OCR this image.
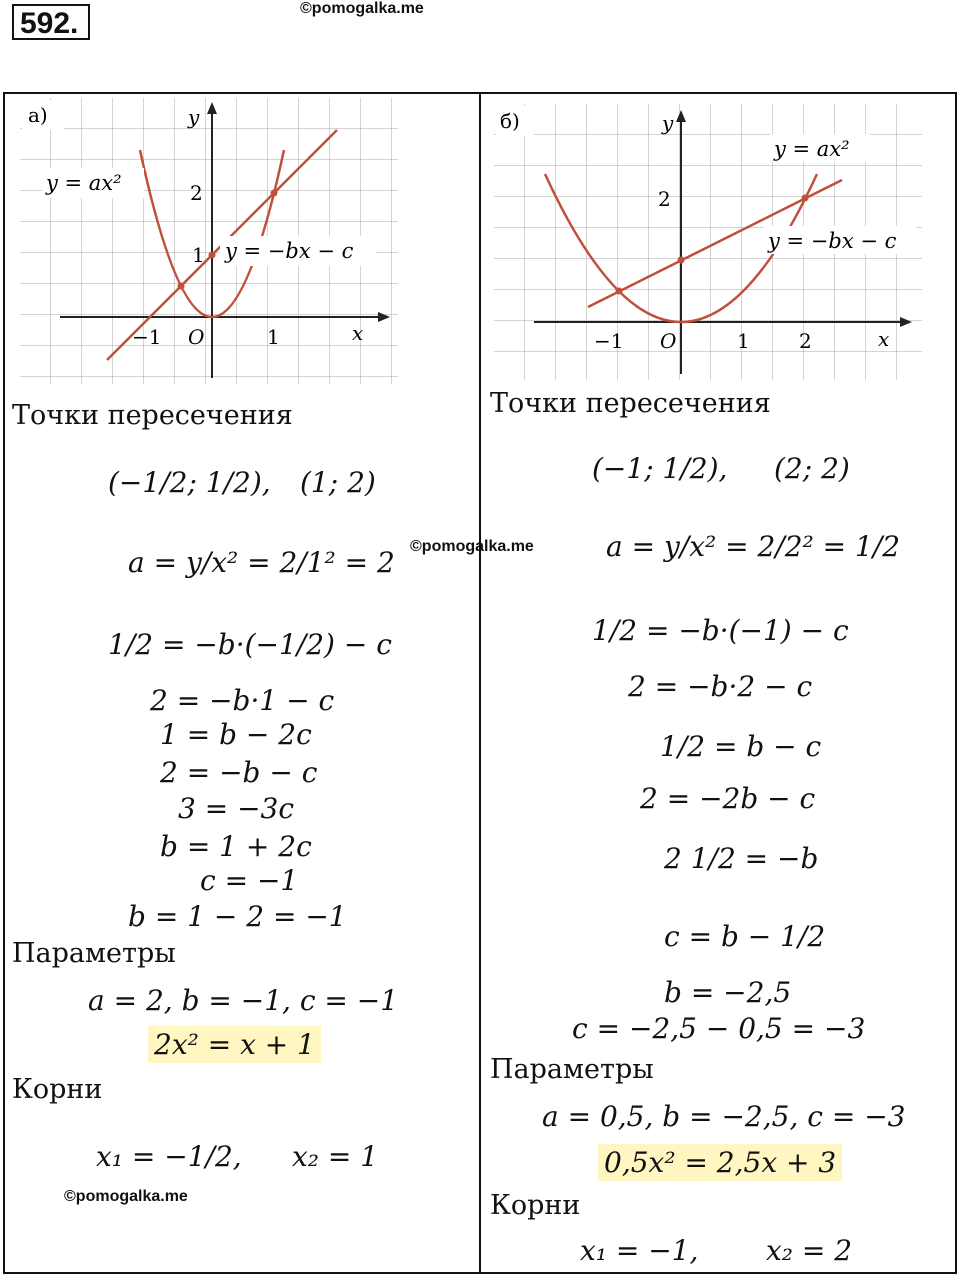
592.	©pomogalka.me
а)	y
x
O
−1	1
2
1
y = ax²
y = −bx − c
б)	y
x
O
−1	1 2
2
y = ax²
y = −bx − c
Точки пересечения
(−1/2; 1/2), (1; 2)
a = y/x² = 2/1² = 2
1/2 = −b·(−1/2) − c
2 = −b·1 − c
1 = b − 2c
2 = −b − c
3 = −3c
b = 1 + 2c
c = −1
b = 1 − 2 = −1
Параметры
a = 2, b = −1, c = −1
2x² = x + 1
Корни
x₁ = −1/2, x₂ = 1
©pomogalka.me
©pomogalka.me
Точки пересечения
(−1; 1/2), (2; 2)
a = y/x² = 2/2² = 1/2
1/2 = −b·(−1) − c
2 = −b·2 − c
1/2 = b − c
2 = −2b − c
2 1/2 = −b
c = b − 1/2
b = −2,5
c = −2,5 − 0,5 = −3
Параметры
a = 0,5, b = −2,5, c = −3
0,5x² = 2,5x + 3
Корни
x₁ = −1, x₂ = 2
